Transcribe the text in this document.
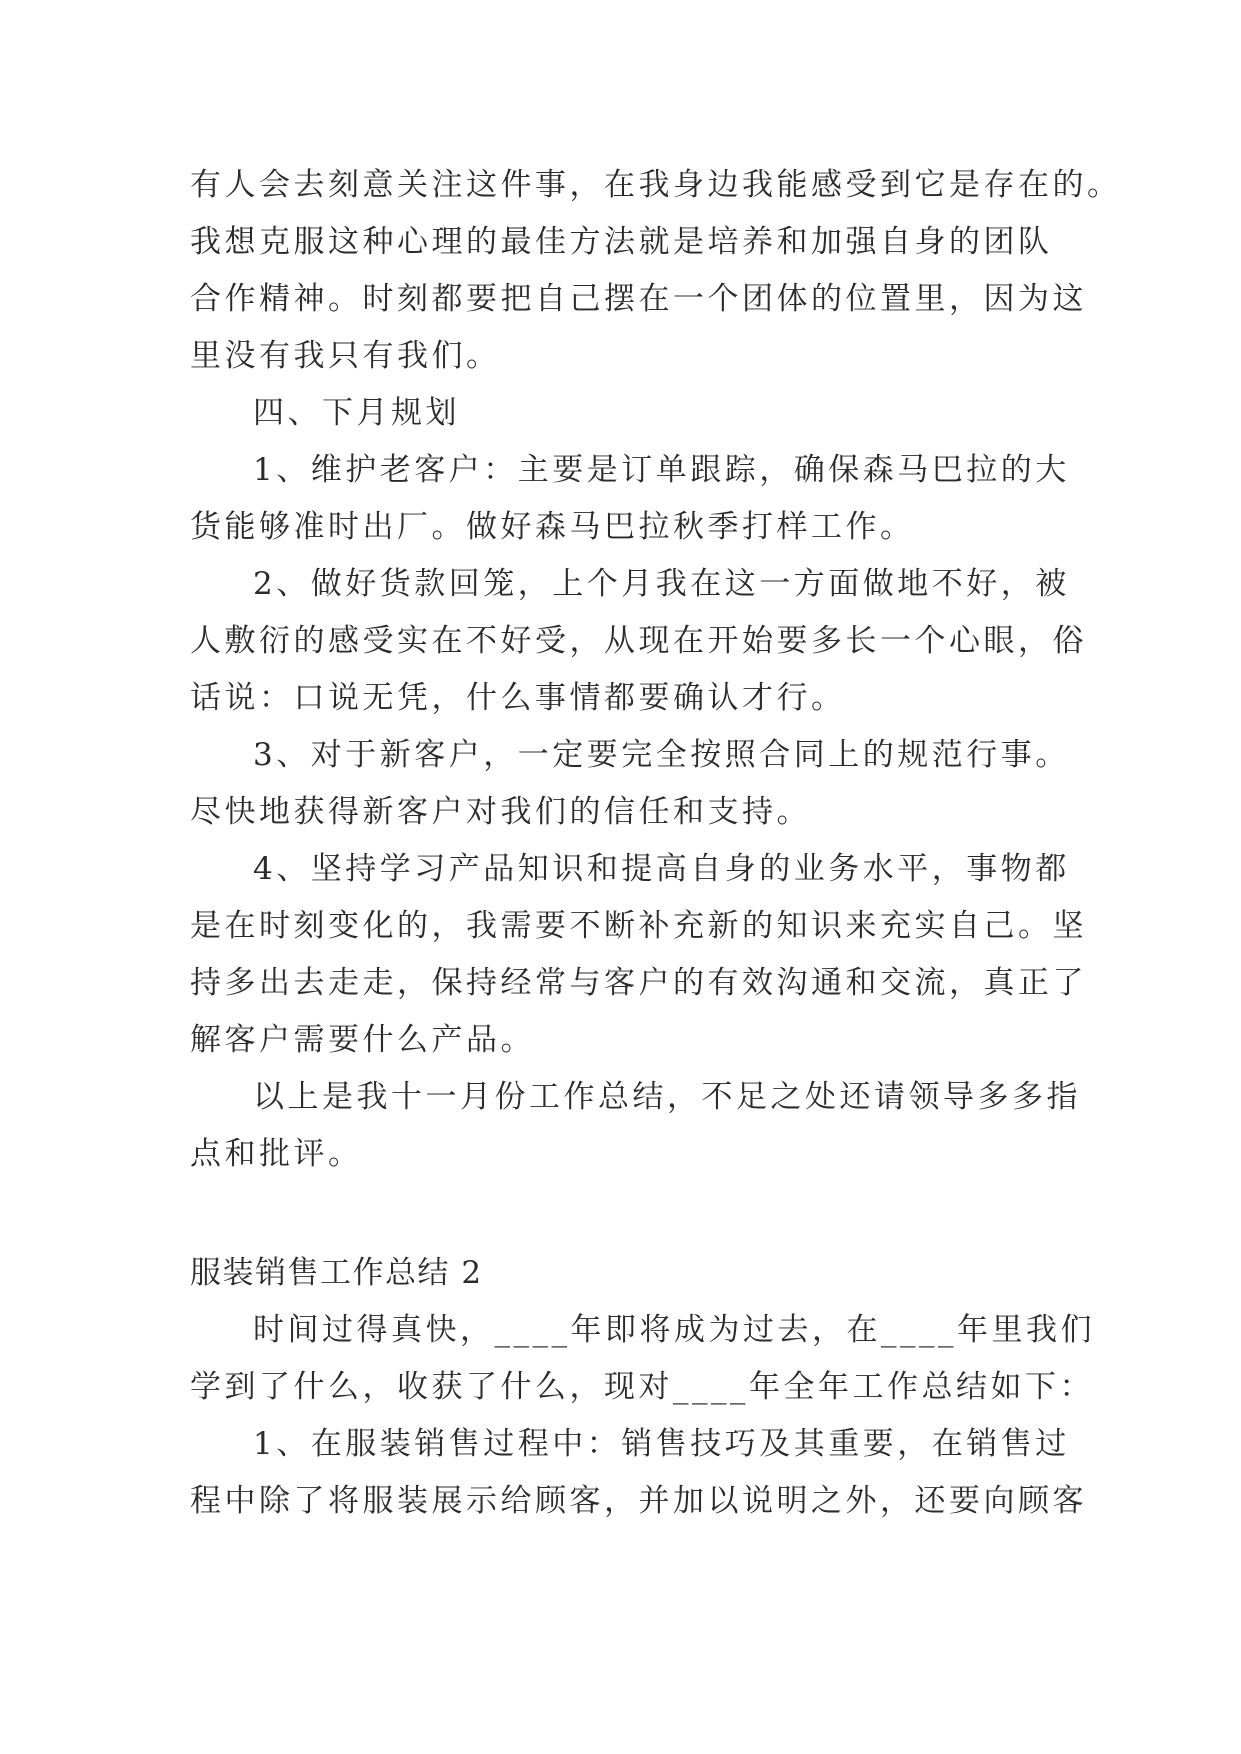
有人会去刻意关注这件事，在我身边我能感受到它是存在的。
我想克服这种心理的最佳方法就是培养和加强自身的团队
合作精神。时刻都要把自己摆在一个团体的位置里，因为这
里没有我只有我们。
四、下月规划
1、维护老客户：主要是订单跟踪，确保森马巴拉的大
货能够准时出厂。做好森马巴拉秋季打样工作。
2、做好货款回笼，上个月我在这一方面做地不好，被
人敷衍的感受实在不好受，从现在开始要多长一个心眼，俗
话说：口说无凭，什么事情都要确认才行。
3、对于新客户，一定要完全按照合同上的规范行事。
尽快地获得新客户对我们的信任和支持。
4、坚持学习产品知识和提高自身的业务水平，事物都
是在时刻变化的，我需要不断补充新的知识来充实自己。坚
持多出去走走，保持经常与客户的有效沟通和交流，真正了
解客户需要什么产品。
以上是我十一月份工作总结，不足之处还请领导多多指
点和批评。
服装销售工作总结 2
时间过得真快，____年即将成为过去，在____年里我们
学到了什么，收获了什么，现对____年全年工作总结如下：
1、在服装销售过程中：销售技巧及其重要，在销售过
程中除了将服装展示给顾客，并加以说明之外，还要向顾客
